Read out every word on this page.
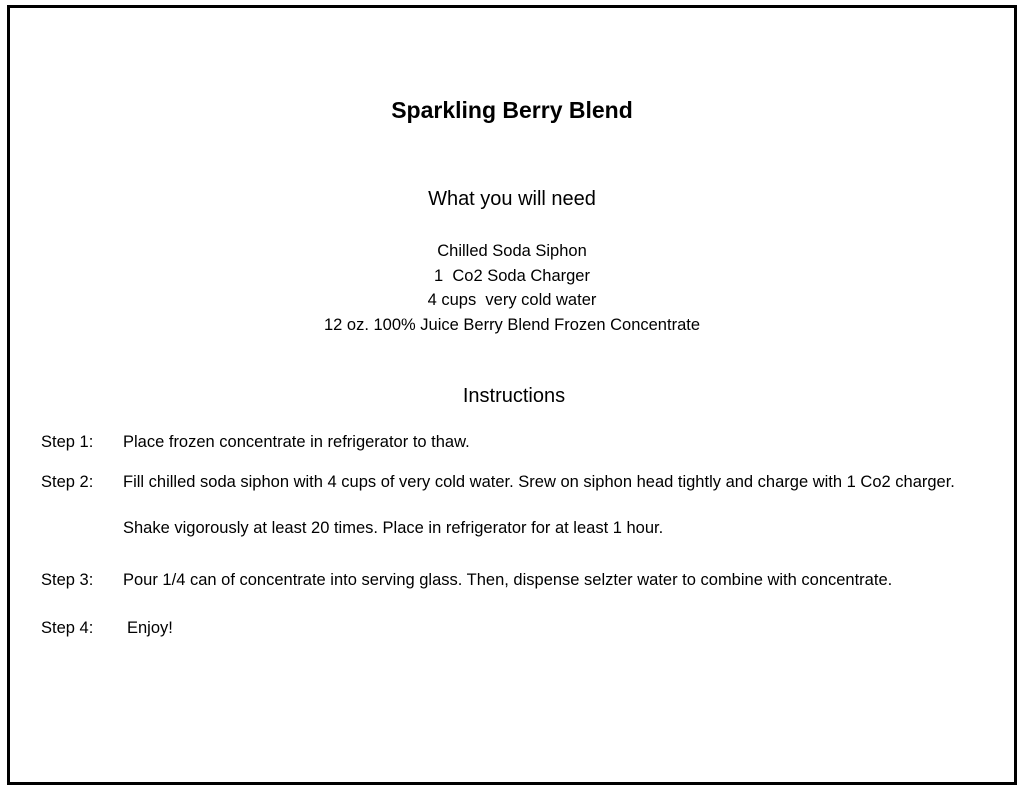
Sparkling Berry Blend
What you will need
Chilled Soda Siphon
1  Co2 Soda Charger
4 cups  very cold water
12 oz. 100% Juice Berry Blend Frozen Concentrate
Instructions
Step 1:	Place frozen concentrate in refrigerator to thaw.
Step 2:	Fill chilled soda siphon with 4 cups of very cold water. Srew on siphon head tightly and charge with 1 Co2 charger. Shake vigorously at least 20 times. Place in refrigerator for at least 1 hour.
Step 3:	Pour 1/4 can of concentrate into serving glass. Then, dispense selzter water to combine with concentrate.
Step 4:	Enjoy!
